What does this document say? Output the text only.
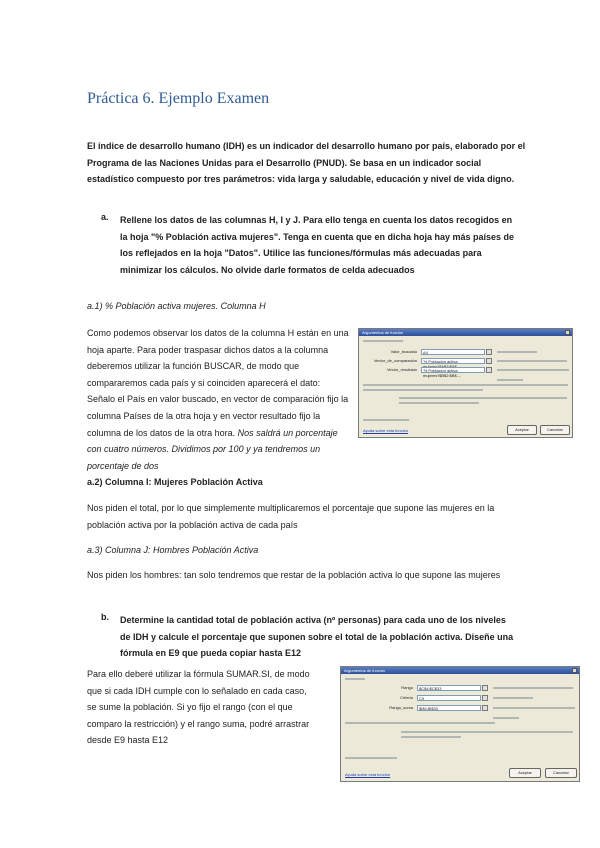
Práctica 6. Ejemplo Examen

El índice de desarrollo humano (IDH) es un indicador del desarrollo humano por país, elaborado por el Programa de las Naciones Unidas para el Desarrollo (PNUD). Se basa en un indicador social estadístico compuesto por tres parámetros: vida larga y saludable, educación y nivel de vida digno.

a. Rellene los datos de las columnas H, I y J. Para ello tenga en cuenta los datos recogidos en la hoja "% Población activa mujeres". Tenga en cuenta que en dicha hoja hay más países de los reflejados en la hoja "Datos". Utilice las funciones/fórmulas más adecuadas para minimizar los cálculos. No olvide darle formatos de celda adecuados

a.1) % Población activa mujeres. Columna H

Como podemos observar los datos de la columna H están en una hoja aparte. Para poder traspasar dichos datos a la columna deberemos utilizar la función BUSCAR, de modo que compararemos cada país y si coinciden aparecerá el dato: Señalo el País en valor buscado, en vector de comparación fijo la columna Países de la otra hoja y en vector resultado fijo la columna de los datos de la otra hora. Nos saldrá un porcentaje con cuatro números. Dividimos por 100 y ya tendremos un porcentaje de dos

Argumentos de función
Valor_buscado	A4
Vector_de_comparación	'% Población activa
Vector_resultado	'% Población activa mujeres'!$B$2:$B$....
Ayuda sobre esta función	Aceptar	Cancelar

a.2) Columna I: Mujeres Población Activa

Nos piden el total, por lo que simplemente multiplicaremos el porcentaje que supone las mujeres en la población activa por la población activa de cada país

a.3) Columna J: Hombres Población Activa

Nos piden los hombres: tan solo tendremos que restar de la población activa lo que supone las mujeres

b. Determine la cantidad total de población activa (nº personas) para cada uno de los niveles de IDH y calcule el porcentaje que suponen sobre el total de la población activa. Diseñe una fórmula en E9 que pueda copiar hasta E12

Para ello deberé utilizar la fórmula SUMAR.SI, de modo que si cada IDH cumple con lo señalado en cada caso, se sume la población. Si yo fijo el rango (con el que comparo la restricción) y el rango suma, podré arrastrar desde E9 hasta E12

Argumentos de función
Rango	$C$4:$C$33
Criterio	C9
Rango_suma	$I$4:$I$33
Ayuda sobre esta función	Aceptar	Cancelar
